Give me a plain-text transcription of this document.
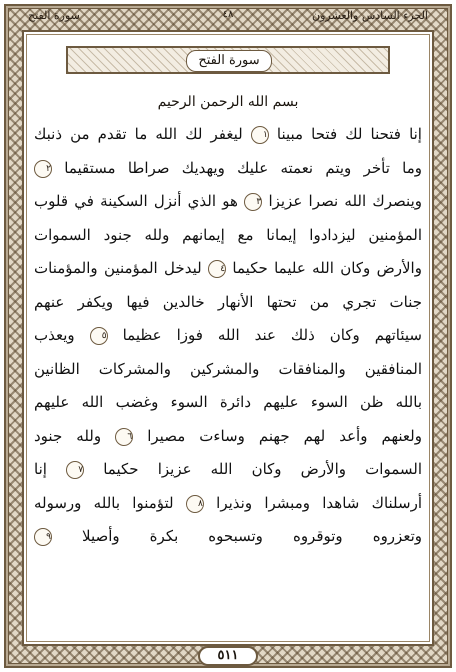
سورة الفتح	٤٨	الجزء السادس والعشرون
سورة الفتح
بسم الله الرحمن الرحيم
إنا فتحنا لك فتحا مبينا ١ ليغفر لك الله ما تقدم من ذنبك
وما تأخر ويتم نعمته عليك ويهديك صراطا مستقيما ٢
وينصرك الله نصرا عزيزا ٣ هو الذي أنزل السكينة في قلوب
المؤمنين ليزدادوا إيمانا مع إيمانهم ولله جنود السموات
والأرض وكان الله عليما حكيما ٤ ليدخل المؤمنين والمؤمنات
جنات تجري من تحتها الأنهار خالدين فيها ويكفر عنهم
سيئاتهم وكان ذلك عند الله فوزا عظيما ٥ ويعذب
المنافقين والمنافقات والمشركين والمشركات الظانين
بالله ظن السوء عليهم دائرة السوء وغضب الله عليهم
ولعنهم وأعد لهم جهنم وساءت مصيرا ٦ ولله جنود
السموات والأرض وكان الله عزيزا حكيما ٧ إنا
أرسلناك شاهدا ومبشرا ونذيرا ٨ لتؤمنوا بالله ورسوله
وتعزروه وتوقروه وتسبحوه بكرة وأصيلا ٩
٥١١
